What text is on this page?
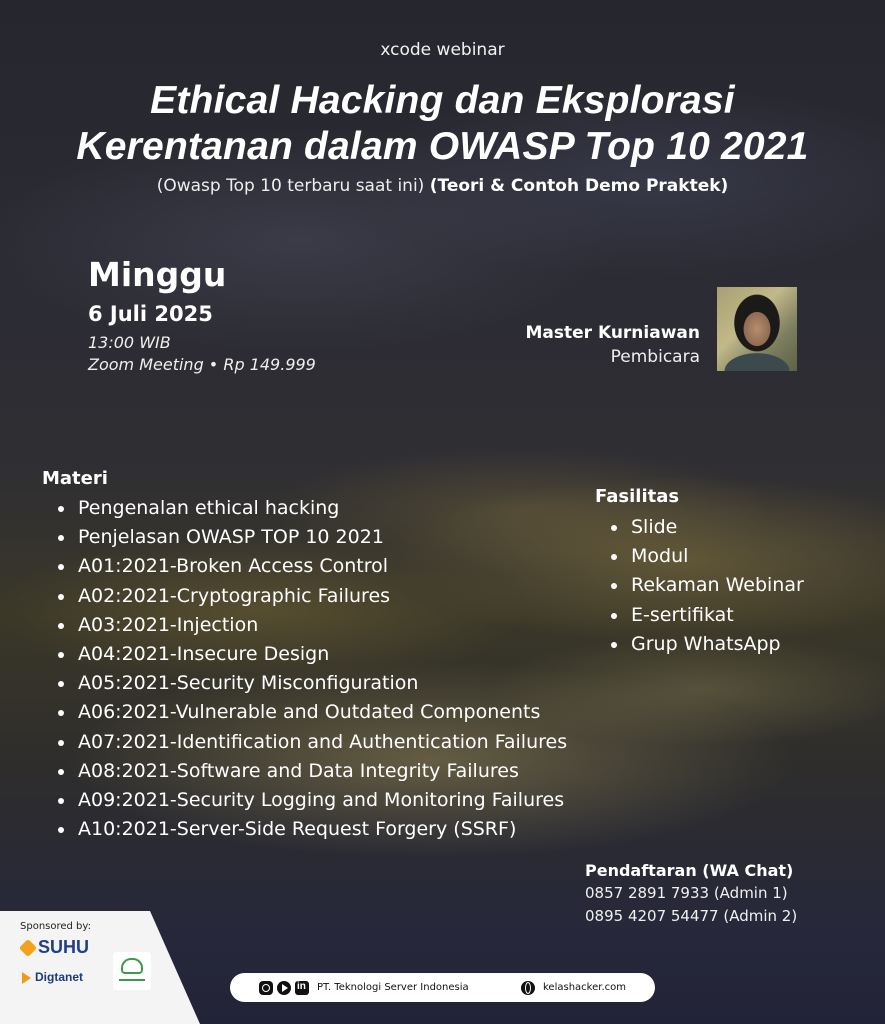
xcode webinar
Ethical Hacking dan Eksplorasi
Kerentanan dalam OWASP Top 10 2021
(Owasp Top 10 terbaru saat ini) (Teori & Contoh Demo Praktek)
Minggu
6 Juli 2025
13:00 WIB
Zoom Meeting • Rp 149.999
Master Kurniawan
Pembicara
Materi
Pengenalan ethical hacking
Penjelasan OWASP TOP 10 2021
A01:2021-Broken Access Control
A02:2021-Cryptographic Failures
A03:2021-Injection
A04:2021-Insecure Design
A05:2021-Security Misconfiguration
A06:2021-Vulnerable and Outdated Components
A07:2021-Identification and Authentication Failures
A08:2021-Software and Data Integrity Failures
A09:2021-Security Logging and Monitoring Failures
A10:2021-Server-Side Request Forgery (SSRF)
Fasilitas
Slide
Modul
Rekaman Webinar
E-sertifikat
Grup WhatsApp
Pendaftaran (WA Chat)
0857 2891 7933 (Admin 1)
0895 4207 54477 (Admin 2)
Sponsored by:
SUHU
Digtanet
in
PT. Teknologi Server Indonesia	kelashacker.com
